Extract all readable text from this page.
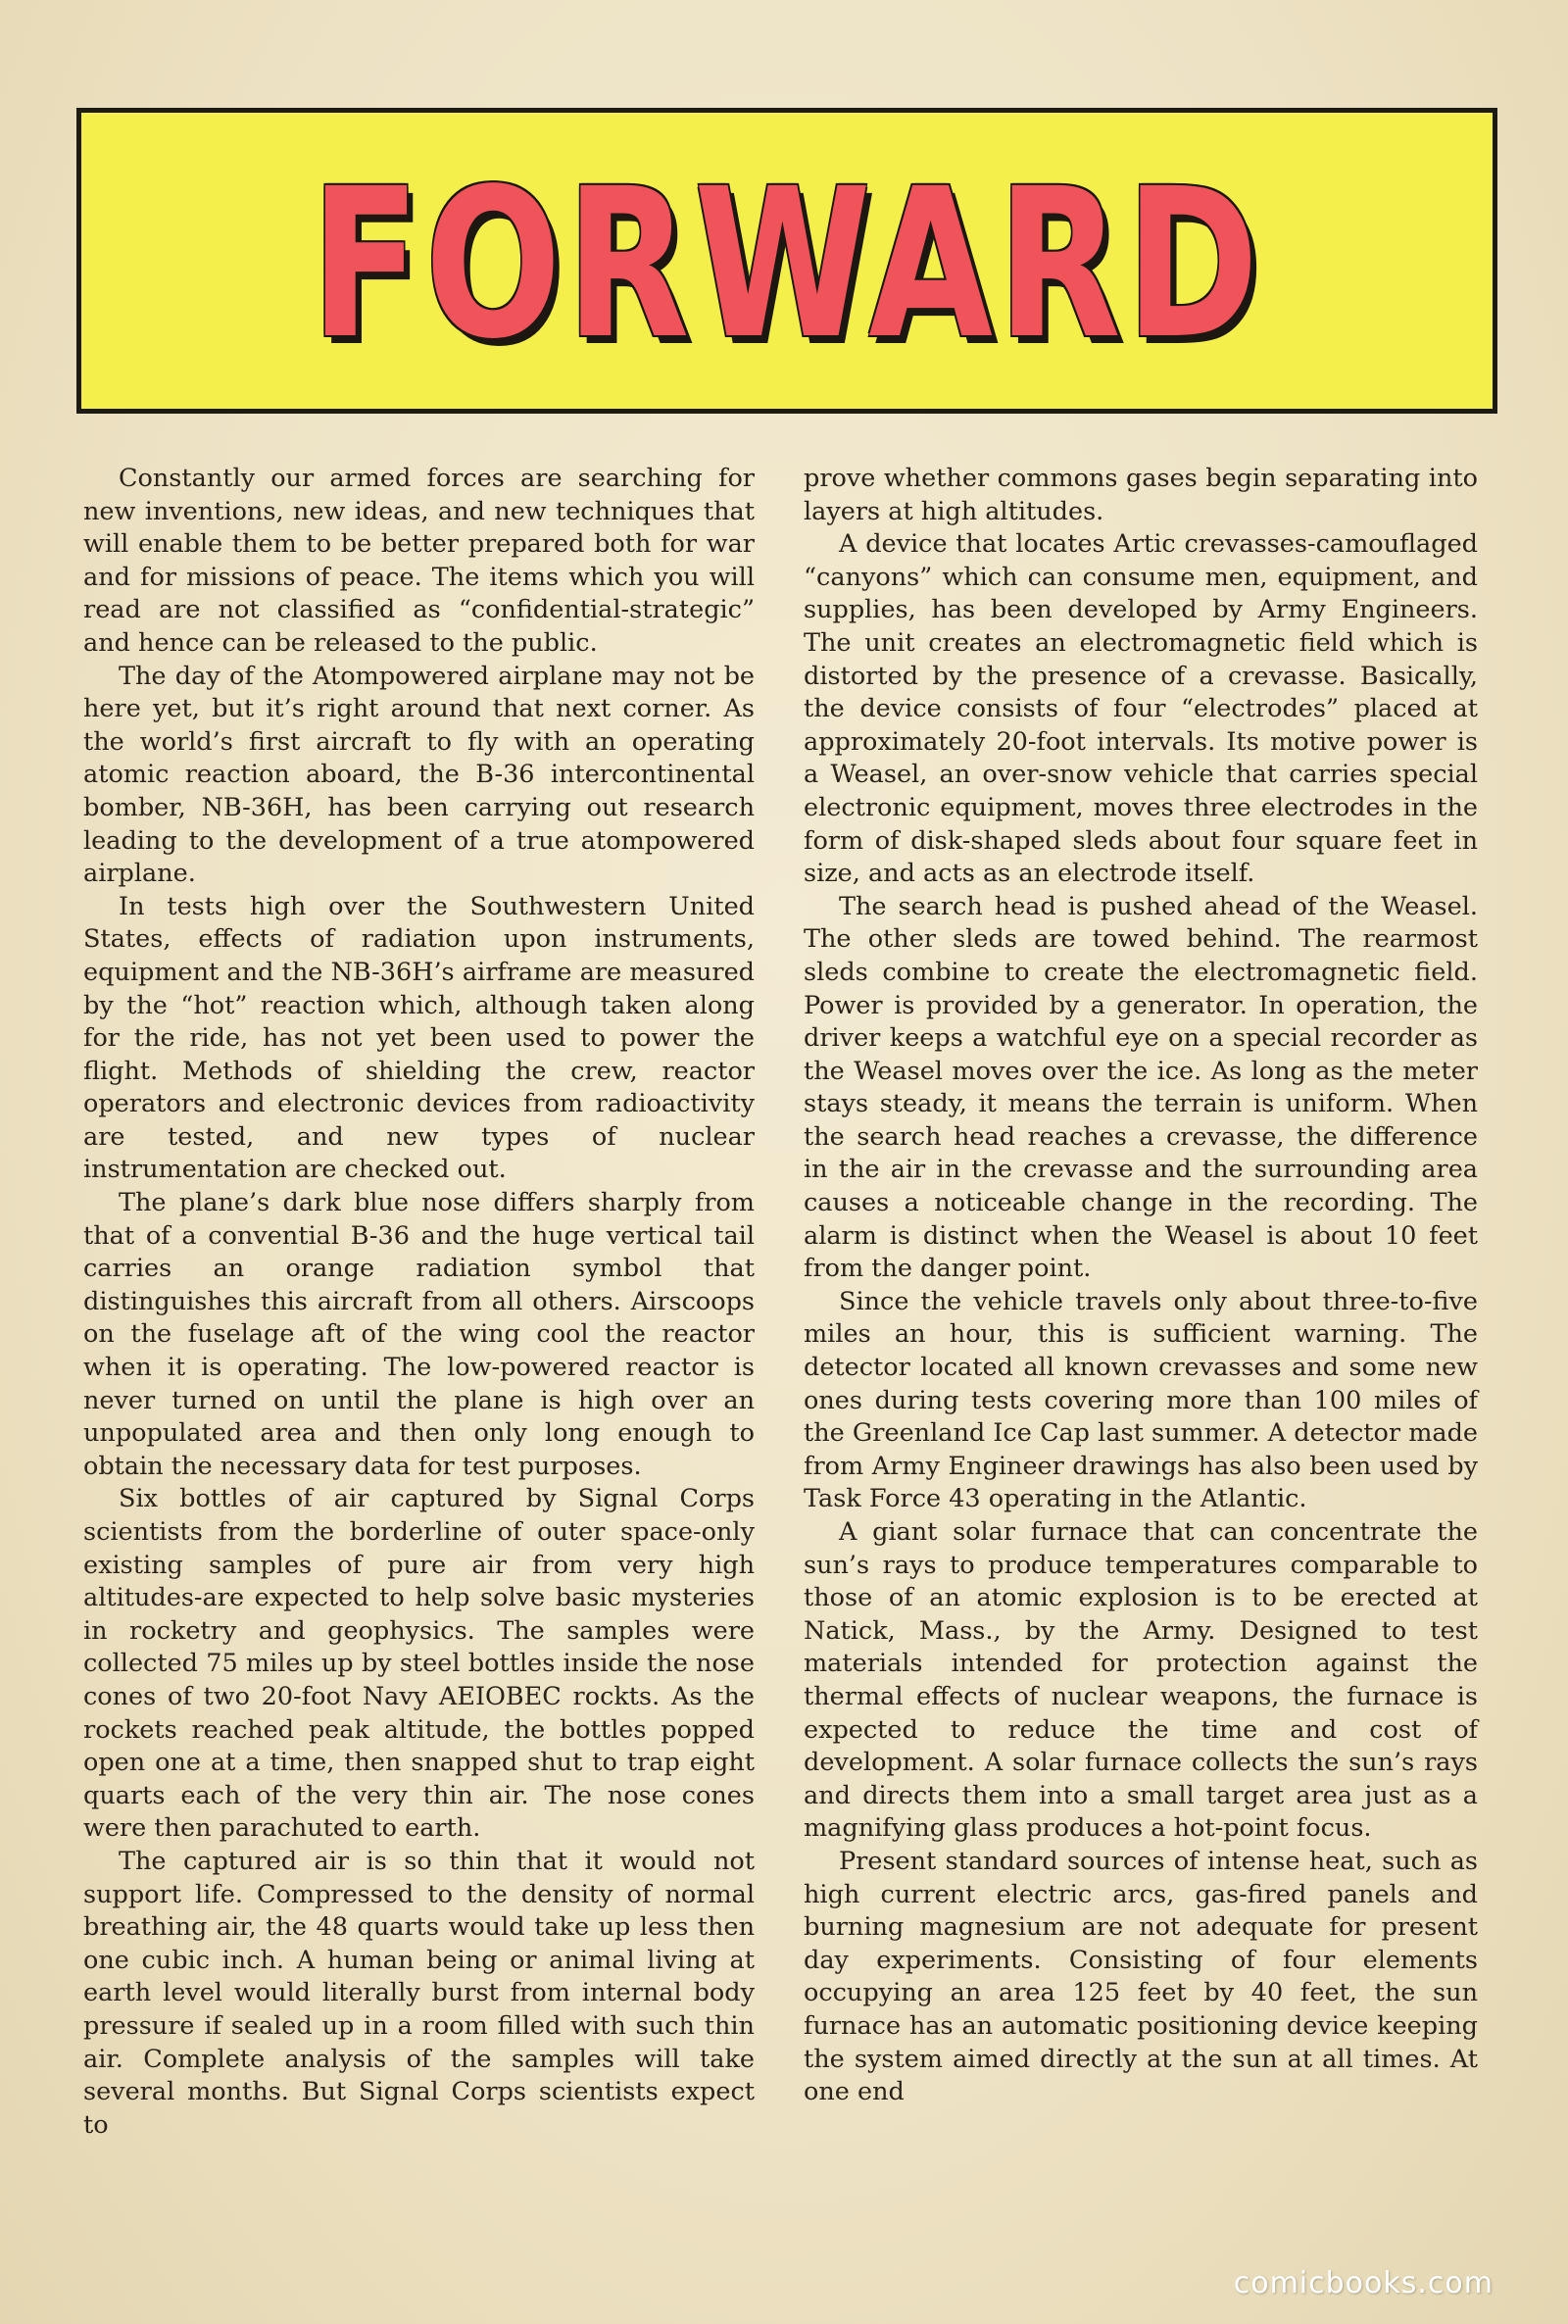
FORWARD

Constantly our armed forces are searching for new inventions, new ideas, and new techniques that will enable them to be better prepared both for war and for missions of peace. The items which you will read are not classified as “confidential-strategic” and hence can be released to the public.

The day of the Atompowered airplane may not be here yet, but it’s right around that next corner. As the world’s first aircraft to fly with an operating atomic reaction aboard, the B-36 intercontinental bomber, NB-36H, has been carrying out research leading to the development of a true atompowered airplane.

In tests high over the Southwestern United States, effects of radiation upon instruments, equipment and the NB-36H’s airframe are measured by the “hot” reaction which, although taken along for the ride, has not yet been used to power the flight. Methods of shielding the crew, reactor operators and electronic devices from radioactivity are tested, and new types of nuclear instrumentation are checked out.

The plane’s dark blue nose differs sharply from that of a convential B-36 and the huge vertical tail carries an orange radiation symbol that distinguishes this aircraft from all others. Airscoops on the fuselage aft of the wing cool the reactor when it is operating. The low-powered reactor is never turned on until the plane is high over an unpopulated area and then only long enough to obtain the necessary data for test purposes.

Six bottles of air captured by Signal Corps scientists from the borderline of outer space-only existing samples of pure air from very high altitudes-are expected to help solve basic mysteries in rocketry and geophysics. The samples were collected 75 miles up by steel bottles inside the nose cones of two 20-foot Navy AEIOBEC rockts. As the rockets reached peak altitude, the bottles popped open one at a time, then snapped shut to trap eight quarts each of the very thin air. The nose cones were then parachuted to earth.

The captured air is so thin that it would not support life. Compressed to the density of normal breathing air, the 48 quarts would take up less then one cubic inch. A human being or animal living at earth level would literally burst from internal body pressure if sealed up in a room filled with such thin air. Complete analysis of the samples will take several months. But Signal Corps scientists expect to

prove whether commons gases begin separating into layers at high altitudes.

A device that locates Artic crevasses-camouflaged “canyons” which can consume men, equipment, and supplies, has been developed by Army Engineers. The unit creates an electromagnetic field which is distorted by the presence of a crevasse. Basically, the device consists of four “electrodes” placed at approximately 20-foot intervals. Its motive power is a Weasel, an over-snow vehicle that carries special electronic equipment, moves three electrodes in the form of disk-shaped sleds about four square feet in size, and acts as an electrode itself.

The search head is pushed ahead of the Weasel. The other sleds are towed behind. The rearmost sleds combine to create the electromagnetic field. Power is provided by a generator. In operation, the driver keeps a watchful eye on a special recorder as the Weasel moves over the ice. As long as the meter stays steady, it means the terrain is uniform. When the search head reaches a crevasse, the difference in the air in the crevasse and the surrounding area causes a noticeable change in the recording. The alarm is distinct when the Weasel is about 10 feet from the danger point.

Since the vehicle travels only about three-to-five miles an hour, this is sufficient warning. The detector located all known crevasses and some new ones during tests covering more than 100 miles of the Greenland Ice Cap last summer. A detector made from Army Engineer drawings has also been used by Task Force 43 operating in the Atlantic.

A giant solar furnace that can concentrate the sun’s rays to produce temperatures comparable to those of an atomic explosion is to be erected at Natick, Mass., by the Army. Designed to test materials intended for protection against the thermal effects of nuclear weapons, the furnace is expected to reduce the time and cost of development. A solar furnace collects the sun’s rays and directs them into a small target area just as a magnifying glass produces a hot-point focus.

Present standard sources of intense heat, such as high current electric arcs, gas-fired panels and burning magnesium are not adequate for present day experiments. Consisting of four elements occupying an area 125 feet by 40 feet, the sun furnace has an automatic positioning device keeping the system aimed directly at the sun at all times. At one end

comicbooks.com
